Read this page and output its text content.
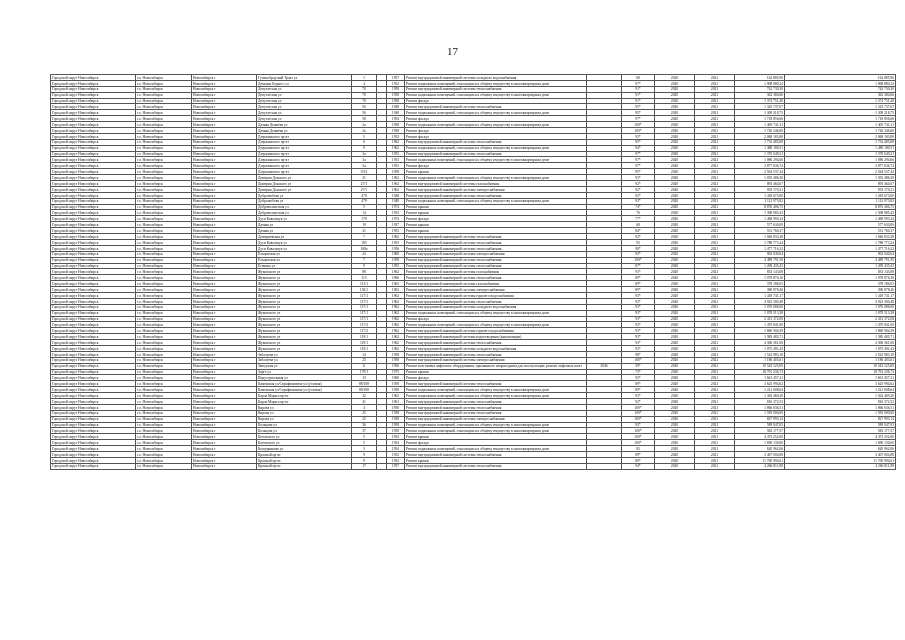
17
Городской округ Новосибирск	г.о. Новосибирск	Новосибирск г	Гусинобродский Тракт ул	1		1957	Ремонт внутридомовой инженерной системы холодного водоснабжения		68	2020	2021	162 885,96	162 885,96
Городской округ Новосибирск	г.о. Новосибирск	Новосибирск г	Демьяна Бедного ул	4		1952	Ремонт подвальных помещений, относящихся к общему имуществу в многоквартирном доме		97*	2020	2021	1 908 880,24	1 908 880,24
Городской округ Новосибирск	г.о. Новосибирск	Новосибирск г	Депутатская ул	70		1958	Ремонт внутридомовой инженерной системы теплоснабжения		91*	2020	2021	742 730,30	742 730,30
Городской округ Новосибирск	г.о. Новосибирск	Новосибирск г	Депутатская ул	70		1958	Ремонт подвальных помещений, относящихся к общему имуществу в многоквартирном доме		91*	2020	2021	362 384,66	362 384,66
Городской округ Новосибирск	г.о. Новосибирск	Новосибирск г	Депутатская ул	70		1958	Ремонт фасада		91*	2020	2021	1 374 751,40	1 374 751,40
Городской округ Новосибирск	г.о. Новосибирск	Новосибирск г	Депутатская ул	56		1948	Ремонт внутридомовой инженерной системы теплоснабжения		95*	2020	2021	1 325 737,07	1 325 737,07
Городской округ Новосибирск	г.о. Новосибирск	Новосибирск г	Депутатская ул	56		1948	Ремонт подвальных помещений, относящихся к общему имуществу в многоквартирном доме		95*	2020	2021	1 309 218,75	1 309 218,75
Городской округ Новосибирск	г.о. Новосибирск	Новосибирск г	Депутатская ул	58		1954	Ремонт фасада		97*	2020	2021	1 718 856,66	1 718 856,66
Городской округ Новосибирск	г.о. Новосибирск	Новосибирск г	Дачная Дежнёва ул	2а		1958	Ремонт подвальных помещений, относящихся к общему имуществу в многоквартирном доме		100*	2020	2021	1 405 741,31	1 405 741,31
Городской округ Новосибирск	г.о. Новосибирск	Новосибирск г	Дачная Дежнёва ул	2а		1958	Ремонт фасада		100*	2020	2021	1 726 346,00	1 726 346,00
Городской округ Новосибирск	г.о. Новосибирск	Новосибирск г	Дзержинского пр-кт	5		1952	Ремонт фасада		93*	2020	2021	2 068 183,80	2 068 183,80
Городской округ Новосибирск	г.о. Новосибирск	Новосибирск г	Дзержинского пр-кт	6		1962	Ремонт внутридомовой инженерной системы теплоснабжения		95*	2020	2021	1 732 485,08	1 732 485,08
Городской округ Новосибирск	г.о. Новосибирск	Новосибирск г	Дзержинского пр-кт	9		1962	Ремонт подвальных помещений, относящихся к общему имуществу в многоквартирном доме		94*	2020	2021	1 480 180,51	1 480 180,51
Городской округ Новосибирск	г.о. Новосибирск	Новосибирск г	Дзержинского пр-кт	3а		1953	Ремонт внутридомовой инженерной системы теплоснабжения		97*	2020	2021	1 370 649,21	1 370 649,21
Городской округ Новосибирск	г.о. Новосибирск	Новосибирск г	Дзержинского пр-кт	3а		1953	Ремонт подвальных помещений, относящихся к общему имуществу в многоквартирном доме		97*	2020	2021	1 086 294,66	1 086 294,66
Городской округ Новосибирск	г.о. Новосибирск	Новосибирск г	Дзержинского пр-кт	3а		1953	Ремонт фасада		97*	2020	2021	2 877 636,74	2 877 636,74
Городской округ Новосибирск	г.о. Новосибирск	Новосибирск г	Дзержинского пр-кт	9/13		1958	Ремонт крыши		95*	2020	2021	2 564 537,44	2 564 537,44
Городской округ Новосибирск	г.о. Новосибирск	Новосибирск г	Дмитрия Донского ул	21		1962	Ремонт подвальных помещений, относящихся к общему имуществу в многоквартирном доме		93*	2020	2021	1 035 486,30	1 035 486,30
Городской округ Новосибирск	г.о. Новосибирск	Новосибирск г	Дмитрия Донского ул	27/1		1962	Ремонт внутридомовой инженерной системы газоснабжения		92*	2020	2021	893 464,67	893 464,67
Городской округ Новосибирск	г.о. Новосибирск	Новосибирск г	Дмитрия Донского ул	27/1		1962	Ремонт внутридомовой инженерной системы электроснабжения		92*	2020	2021	935 170,21	935 170,21
Городской округ Новосибирск	г.о. Новосибирск	Новосибирск г	Добролюбова ул	479		1948	Ремонт внутридомовой инженерной системы теплоснабжения		92*	2020	2021	1 418 673,00	1 418 673,00
Городской округ Новосибирск	г.о. Новосибирск	Новосибирск г	Добролюбова ул	479		1948	Ремонт подвальных помещений, относящихся к общему имуществу в многоквартирном доме		92*	2020	2021	1 112 973,82	1 112 973,82
Городской округ Новосибирск	г.о. Новосибирск	Новосибирск г	Добровольческая ул	5		1974	Ремонт крыши		74*	2020	2021	8 876 406,75	8 876 406,75
Городской округ Новосибирск	г.о. Новосибирск	Новосибирск г	Добровольческая ул	14		1953	Ремонт крыши		76	2020	2021	1 308 985,43	1 308 985,43
Городской округ Новосибирск	г.о. Новосибирск	Новосибирск г	Дуси Ковальчук ул	179		1974	Ремонт фасада		77*	2020	2021	1 468 993,34	1 468 993,34
Городской округ Новосибирск	г.о. Новосибирск	Новосибирск г	Дачная ул	19		1937	Ремонт крыши		68	2020	2021	577 630,09	577 630,09
Городской округ Новосибирск	г.о. Новосибирск	Новосибирск г	Дачная ул	21		1953	Ремонт крыши		84*	2020	2021	531 760,37	531 760,37
Городской округ Новосибирск	г.о. Новосибирск	Новосибирск г	Дмитриевская ул	7		1962	Ремонт внутридомовой инженерной системы теплоснабжения		92*	2020	2021	1 046 833,38	1 046 833,38
Городской округ Новосибирск	г.о. Новосибирск	Новосибирск г	Дуси Ковальчук ул	185		1953	Ремонт внутридомовой инженерной системы теплоснабжения		93	2020	2021	1 788 773,24	1 788 773,24
Городской округ Новосибирск	г.о. Новосибирск	Новосибирск г	Дуси Ковальчук ул	188а		1956	Ремонт внутридомовой инженерной системы теплоснабжения		98*	2020	2021	1 477 716,32	1 477 716,32
Городской округ Новосибирск	г.о. Новосибирск	Новосибирск г	Ельцовская ул	24		1960	Ремонт внутридомовой инженерной системы электроснабжения		93*	2020	2021	902 040,64	902 040,64
Городской округ Новосибирск	г.о. Новосибирск	Новосибирск г	Ельцовская ул	7		1958	Ремонт внутридомовой инженерной системы теплоснабжения		100*	2020	2021	4 489 791,50	4 489 791,50
Городской округ Новосибирск	г.о. Новосибирск	Новосибирск г	Есенина ул	9		1955	Ремонт внутридомовой инженерной системы теплоснабжения		87*	2020	2021	1 209 435,43	1 209 435,43
Городской округ Новосибирск	г.о. Новосибирск	Новосибирск г	Жуковского ул	88		1962	Ремонт внутридомовой инженерной системы газоснабжения		93*	2020	2021	833 143,08	833 143,08
Городской округ Новосибирск	г.о. Новосибирск	Новосибирск г	Жуковского ул	115		1966	Ремонт внутридомовой инженерной системы теплоснабжения		89*	2020	2021	1 078 876,16	1 078 876,16
Городской округ Новосибирск	г.о. Новосибирск	Новосибирск г	Жуковского ул	113/1		1963	Ремонт внутридомовой инженерной системы газоснабжения		89*	2020	2021	378 186,03	378 186,03
Городской округ Новосибирск	г.о. Новосибирск	Новосибирск г	Жуковского ул	102/1		1963	Ремонт внутридомовой инженерной системы электроснабжения		89*	2020	2021	396 878,46	396 878,46
Городской округ Новосибирск	г.о. Новосибирск	Новосибирск г	Жуковского ул	117/1		1962	Ремонт внутридомовой инженерной системы горячего водоснабжения		93*	2020	2021	1 418 741,17	1 418 741,17
Городской округ Новосибирск	г.о. Новосибирск	Новосибирск г	Жуковского ул	117/1		1962	Ремонт внутридомовой инженерной системы теплоснабжения		93*	2020	2021	4 923 300,48	4 923 300,48
Городской округ Новосибирск	г.о. Новосибирск	Новосибирск г	Жуковского ул	117/1		1962	Ремонт внутридомовой инженерной системы холодного водоснабжения		93*	2020	2021	1 076 086,00	1 076 086,00
Городской округ Новосибирск	г.о. Новосибирск	Новосибирск г	Жуковского ул	117/1		1962	Ремонт подвальных помещений, относящихся к общему имуществу в многоквартирном доме		93*	2020	2021	1 078 513,38	1 078 513,38
Городской округ Новосибирск	г.о. Новосибирск	Новосибирск г	Жуковского ул	117/1		1962	Ремонт фасада		93*	2020	2021	2 413 372,08	2 413 372,08
Городской округ Новосибирск	г.о. Новосибирск	Новосибирск г	Жуковского ул	117/2		1962	Ремонт подвальных помещений, относящихся к общему имуществу в многоквартирном доме		93*	2020	2021	1 470 841,00	1 470 841,00
Городской округ Новосибирск	г.о. Новосибирск	Новосибирск г	Жуковского ул	117/2		1962	Ремонт внутридомовой инженерной системы горячего водоснабжения		93*	2020	2021	1 860 904,39	1 860 904,39
Городской округ Новосибирск	г.о. Новосибирск	Новосибирск г	Жуковского ул	119/1		1962	Ремонт внутридомовой инженерной системы водоотведения (канализации)		93*	2020	2021	1 385 485,71	1 385 485,71
Городской округ Новосибирск	г.о. Новосибирск	Новосибирск г	Жуковского ул	119/1		1962	Ремонт внутридомовой инженерной системы теплоснабжения		93*	2020	2021	4 306 361,00	4 306 361,00
Городской округ Новосибирск	г.о. Новосибирск	Новосибирск г	Жуковского ул	119/1		1962	Ремонт внутридомовой инженерной системы холодного водоснабжения		93*	2020	2021	1 075 491,43	1 075 491,43
Городской округ Новосибирск	г.о. Новосибирск	Новосибирск г	Забалуева ул	14		1958	Ремонт внутридомовой инженерной системы теплоснабжения		98*	2020	2021	1 522 983,18	1 522 983,18
Городской округ Новосибирск	г.о. Новосибирск	Новосибирск г	Забалуева ул	25		1958	Ремонт внутридомовой инженерной системы электроснабжения		100*	2020	2021	1 186 403,61	1 186 403,61
Городской округ Новосибирск	г.о. Новосибирск	Новосибирск г	Заводская ул	6		1956	Ремонт или замена лифтового оборудования, признанного непригодным для эксплуатации, ремонт лифтовых шахт	2046	59*	2020	2021	10 543 125,00	10 543 125,00
Городской округ Новосибирск	г.о. Новосибирск	Новосибирск г	Зорге ул	179/1		1975	Ремонт крыши		73*	2020	2021	18 791 236,73	18 791 236,73
Городской округ Новосибирск	г.о. Новосибирск	Новосибирск г	Индустриальная ул	13		1960	Ремонт фасада		93*	2020	2021	1 661 457,21	1 661 457,21
Городской округ Новосибирск	г.о. Новосибирск	Новосибирск г	Каменская ул/Серафимовича ул (угловая)	88/108		1958	Ремонт внутридомовой инженерной системы теплоснабжения		89*	2020	2021	3 625 994,62	3 625 994,62
Городской округ Новосибирск	г.о. Новосибирск	Новосибирск г	Каменская ул/Серафимовича ул (угловая)	88/108		1958	Ремонт подвальных помещений, относящихся к общему имуществу в многоквартирном доме		89*	2020	2021	1 221 608,64	1 221 608,64
Городской округ Новосибирск	г.о. Новосибирск	Новосибирск г	Карла Маркса пр-кт	32		1962	Ремонт подвальных помещений, относящихся к общему имуществу в многоквартирном доме		93*	2020	2021	1 362 469,20	1 362 469,20
Городской округ Новосибирск	г.о. Новосибирск	Новосибирск г	Карла Маркса пр-кт	41		1961	Ремонт внутридомовой инженерной системы теплоснабжения		92*	2020	2021	816 372,53	816 372,53
Городской округ Новосибирск	г.о. Новосибирск	Новосибирск г	Кирова ул	4		1950	Ремонт внутридомовой инженерной системы теплоснабжения		100*	2020	2021	1 866 636,51	1 866 636,51
Городской округ Новосибирск	г.о. Новосибирск	Новосибирск г	Кирова ул	25		1938	Ремонт внутридомовой инженерной системы теплоснабжения		100*	2020	2021	1 595 000,00	1 595 000,00
Городской округ Новосибирск	г.о. Новосибирск	Новосибирск г	Кирова ул	25		1938	Ремонт внутридомовой инженерной системы электроснабжения		100*	2020	2021	827 993,14	827 993,14
Городской округ Новосибирск	г.о. Новосибирск	Новосибирск г	Кольцова ул	36		1958	Ремонт подвальных помещений, относящихся к общему имуществу в многоквартирном доме		92*	2020	2021	589 947,05	589 947,05
Городской округ Новосибирск	г.о. Новосибирск	Новосибирск г	Кольцова ул	37		1958	Ремонт подвальных помещений, относящихся к общему имуществу в многоквартирном доме		100*	2020	2021	582 177,57	582 177,57
Городской округ Новосибирск	г.о. Новосибирск	Новосибирск г	Котовского ул	5		1954	Ремонт крыши		100*	2020	2021	4 473 252,00	4 473 252,00
Городской округ Новосибирск	г.о. Новосибирск	Новосибирск г	Котовского ул	5		1954	Ремонт фасада		100*	2020	2021	1 690 130,00	1 690 130,00
Городской округ Новосибирск	г.о. Новосибирск	Новосибирск г	Кошурникова ул	3		1954	Ремонт подвальных помещений, относящихся к общему имуществу в многоквартирном доме		83	2020	2021	620 962,06	620 962,06
Городской округ Новосибирск	г.о. Новосибирск	Новосибирск г	Красный пр-кт	9		1952	Ремонт внутридомовой инженерной системы теплоснабжения		89*	2020	2021	3 407 004,88	3 407 004,88
Городской округ Новосибирск	г.о. Новосибирск	Новосибирск г	Красный пр-кт	9		1952	Ремонт крыши		89*	2020	2021	11 700 994,61	11 700 994,61
Городской округ Новосибирск	г.о. Новосибирск	Новосибирск г	Красный пр-кт	17		1957	Ремонт внутридомовой инженерной системы теплоснабжения		94*	2020	2021	4 266 811,88	4 266 811,88
